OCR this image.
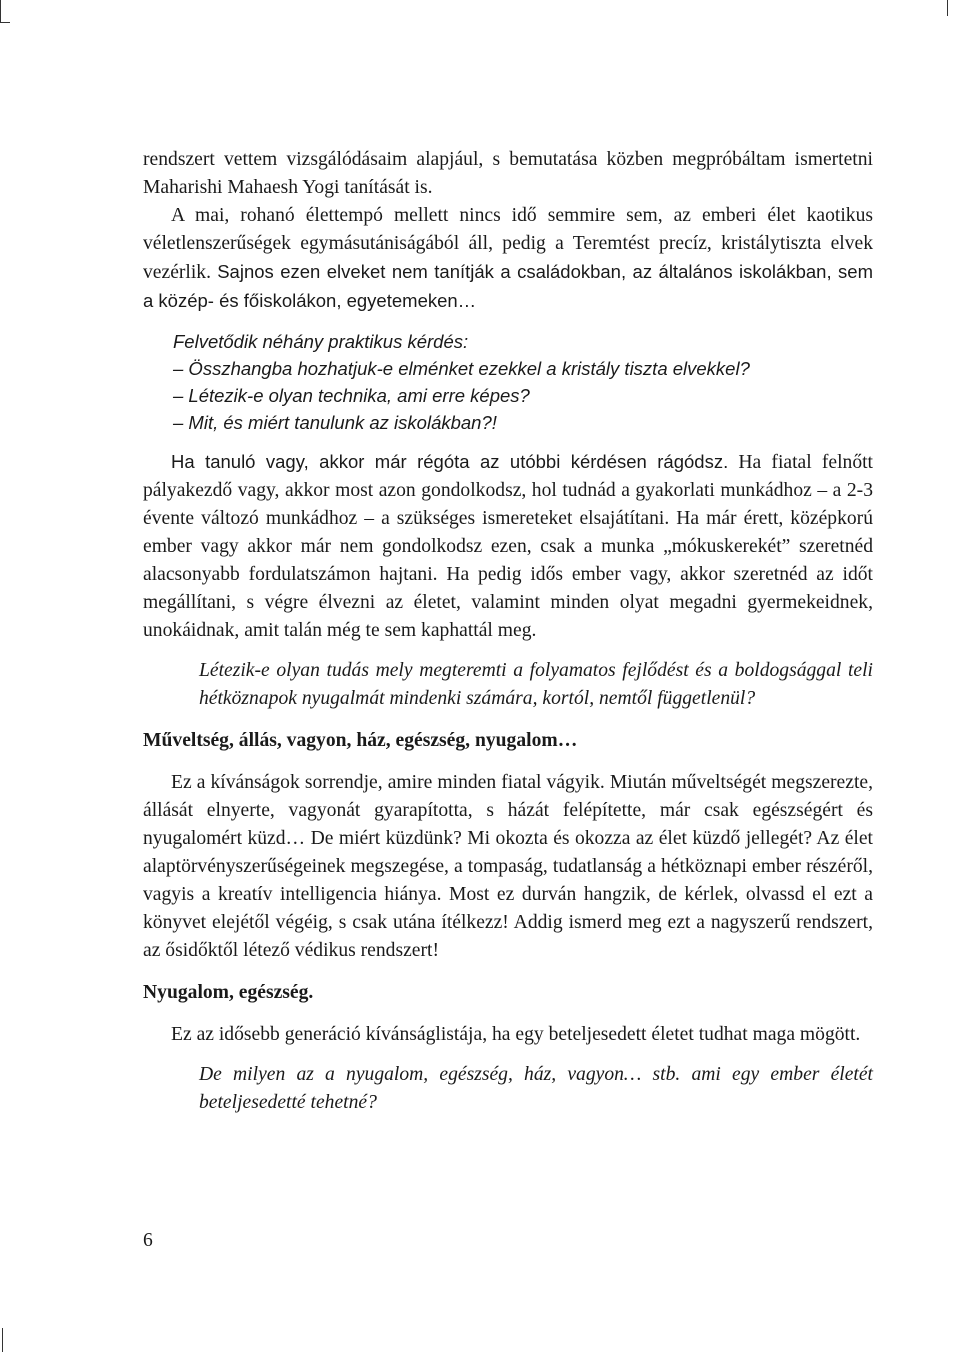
rendszert vettem vizsgálódásaim alapjául, s bemutatása közben megpróbáltam ismertetni Maharishi Mahaesh Yogi tanítását is.

A mai, rohanó élettempó mellett nincs idő semmire sem, az emberi élet kaotikus véletlenszerűségek egymásutániságából áll, pedig a Teremtést precíz, kristálytiszta elvek vezérlik. Sajnos ezen elveket nem tanítják a családokban, az általános iskolákban, sem a közép- és főiskolákon, egyetemeken…

Felvetődik néhány praktikus kérdés:
– Összhangba hozhatjuk-e elménket ezekkel a kristály tiszta elvekkel?
– Létezik-e olyan technika, ami erre képes?
– Mit, és miért tanulunk az iskolákban?!

Ha tanuló vagy, akkor már régóta az utóbbi kérdésen rágódsz. Ha fiatal felnőtt pályakezdő vagy, akkor most azon gondolkodsz, hol tudnád a gyakorlati munkádhoz – a 2-3 évente változó munkádhoz – a szükséges ismereteket elsajátítani. Ha már érett, középkorú ember vagy akkor már nem gondolkodsz ezen, csak a munka „mókuskerekét” szeretnéd alacsonyabb fordulatszámon hajtani. Ha pedig idős ember vagy, akkor szeretnéd az időt megállítani, s végre élvezni az életet, valamint minden olyat megadni gyermekeidnek, unokáidnak, amit talán még te sem kaphattál meg.

Létezik-e olyan tudás mely megteremti a folyamatos fejlődést és a boldogsággal teli hétköznapok nyugalmát mindenki számára, kortól, nemtől függetlenül?

Műveltség, állás, vagyon, ház, egészség, nyugalom…

Ez a kívánságok sorrendje, amire minden fiatal vágyik. Miután műveltségét megszerezte, állását elnyerte, vagyonát gyarapította, s házát felépítette, már csak egészségért és nyugalomért küzd… De miért küzdünk? Mi okozta és okozza az élet küzdő jellegét? Az élet alaptörvényszerűségeinek megszegése, a tompaság, tudatlanság a hétköznapi ember részéről, vagyis a kreatív intelligencia hiánya. Most ez durván hangzik, de kérlek, olvassd el ezt a könyvet elejétől végéig, s csak utána ítélkezz! Addig ismerd meg ezt a nagyszerű rendszert, az ősidőktől létező védikus rendszert!

Nyugalom, egészség.

Ez az idősebb generáció kívánságlistája, ha egy beteljesedett életet tudhat maga mögött.

De milyen az a nyugalom, egészség, ház, vagyon… stb. ami egy ember életét beteljesedetté tehetné?

6
